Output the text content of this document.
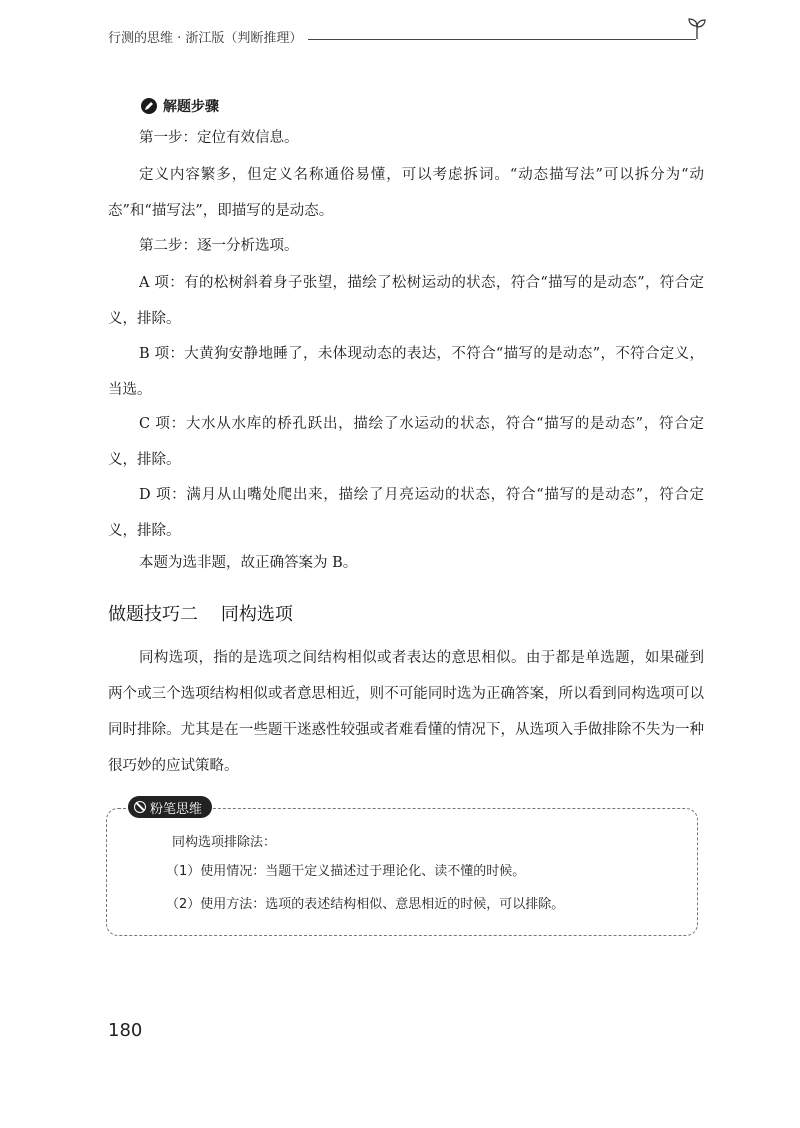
行测的思维 · 浙江版（判断推理）
解题步骤

第一步：定位有效信息。

定义内容繁多，但定义名称通俗易懂，可以考虑拆词。“动态描写法”可以拆分为“动态”和“描写法”，即描写的是动态。

第二步：逐一分析选项。

A 项：有的松树斜着身子张望，描绘了松树运动的状态，符合“描写的是动态”，符合定义，排除。

B 项：大黄狗安静地睡了，未体现动态的表达，不符合“描写的是动态”，不符合定义，当选。

C 项：大水从水库的桥孔跃出，描绘了水运动的状态，符合“描写的是动态”，符合定义，排除。

D 项：满月从山嘴处爬出来，描绘了月亮运动的状态，符合“描写的是动态”，符合定义，排除。

本题为选非题，故正确答案为 B。

做题技巧二    同构选项

同构选项，指的是选项之间结构相似或者表达的意思相似。由于都是单选题，如果碰到两个或三个选项结构相似或者意思相近，则不可能同时选为正确答案，所以看到同构选项可以同时排除。尤其是在一些题干迷惑性较强或者难看懂的情况下，从选项入手做排除不失为一种很巧妙的应试策略。

粉笔思维
同构选项排除法：
（1）使用情况：当题干定义描述过于理论化、读不懂的时候。
（2）使用方法：选项的表述结构相似、意思相近的时候，可以排除。
180
